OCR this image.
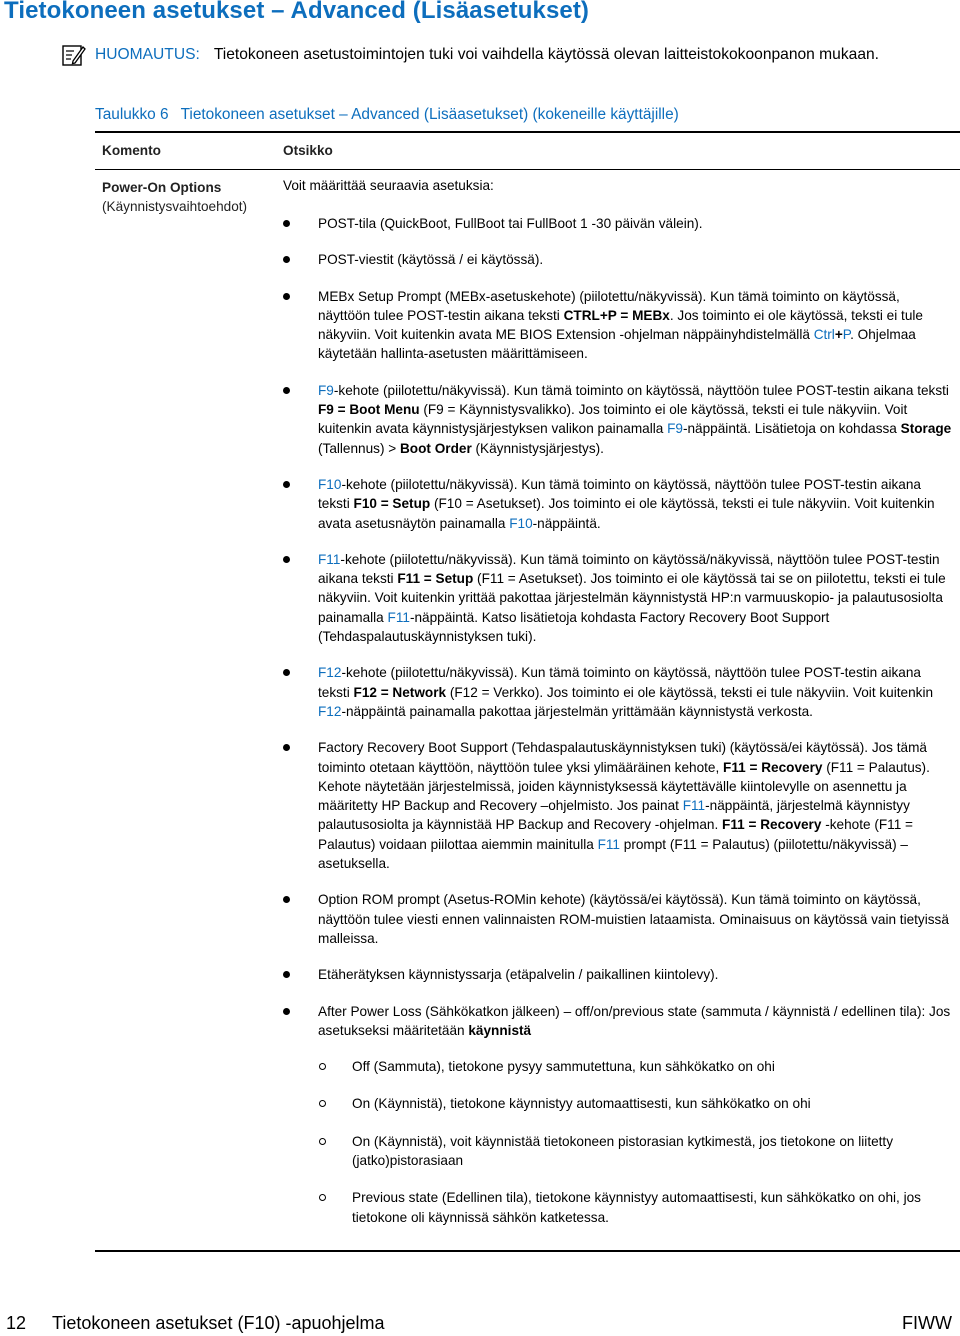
Tietokoneen asetukset – Advanced (Lisäasetukset)
HUOMAUTUS: Tietokoneen asetustoimintojen tuki voi vaihdella käytössä olevan laitteistokokoonpanon mukaan.
Taulukko 6 Tietokoneen asetukset – Advanced (Lisäasetukset) (kokeneille käyttäjille)
Komento	Otsikko
Power-On Options
(Käynnistysvaihtoehdot)
Voit määrittää seuraavia asetuksia:
POST-tila (QuickBoot, FullBoot tai FullBoot 1 -30 päivän välein).
POST-viestit (käytössä / ei käytössä).
MEBx Setup Prompt (MEBx-asetuskehote) (piilotettu/näkyvissä). Kun tämä toiminto on käytössä, näyttöön tulee POST-testin aikana teksti CTRL+P = MEBx. Jos toiminto ei ole käytössä, teksti ei tule näkyviin. Voit kuitenkin avata ME BIOS Extension -ohjelman näppäinyhdistelmällä Ctrl+P. Ohjelmaa käytetään hallinta-asetusten määrittämiseen.
F9-kehote (piilotettu/näkyvissä). Kun tämä toiminto on käytössä, näyttöön tulee POST-testin aikana teksti F9 = Boot Menu (F9 = Käynnistysvalikko). Jos toiminto ei ole käytössä, teksti ei tule näkyviin. Voit kuitenkin avata käynnistysjärjestyksen valikon painamalla F9-näppäintä. Lisätietoja on kohdassa Storage (Tallennus) > Boot Order (Käynnistysjärjestys).
F10-kehote (piilotettu/näkyvissä). Kun tämä toiminto on käytössä, näyttöön tulee POST-testin aikana teksti F10 = Setup (F10 = Asetukset). Jos toiminto ei ole käytössä, teksti ei tule näkyviin. Voit kuitenkin avata asetusnäytön painamalla F10-näppäintä.
F11-kehote (piilotettu/näkyvissä). Kun tämä toiminto on käytössä/näkyvissä, näyttöön tulee POST-testin aikana teksti F11 = Setup (F11 = Asetukset). Jos toiminto ei ole käytössä tai se on piilotettu, teksti ei tule näkyviin. Voit kuitenkin yrittää pakottaa järjestelmän käynnistystä HP:n varmuuskopio- ja palautusosiolta painamalla F11-näppäintä. Katso lisätietoja kohdasta Factory Recovery Boot Support (Tehdaspalautuskäynnistyksen tuki).
F12-kehote (piilotettu/näkyvissä). Kun tämä toiminto on käytössä, näyttöön tulee POST-testin aikana teksti F12 = Network (F12 = Verkko). Jos toiminto ei ole käytössä, teksti ei tule näkyviin. Voit kuitenkin F12-näppäintä painamalla pakottaa järjestelmän yrittämään käynnistystä verkosta.
Factory Recovery Boot Support (Tehdaspalautuskäynnistyksen tuki) (käytössä/ei käytössä). Jos tämä toiminto otetaan käyttöön, näyttöön tulee yksi ylimääräinen kehote, F11 = Recovery (F11 = Palautus). Kehote näytetään järjestelmissä, joiden käynnistyksessä käytettävälle kiintolevylle on asennettu ja määritetty HP Backup and Recovery –ohjelmisto. Jos painat F11-näppäintä, järjestelmä käynnistyy palautusosiolta ja käynnistää HP Backup and Recovery -ohjelman. F11 = Recovery -kehote (F11 = Palautus) voidaan piilottaa aiemmin mainitulla F11 prompt (F11 = Palautus) (piilotettu/näkyvissä) –asetuksella.
Option ROM prompt (Asetus-ROMin kehote) (käytössä/ei käytössä). Kun tämä toiminto on käytössä, näyttöön tulee viesti ennen valinnaisten ROM-muistien lataamista. Ominaisuus on käytössä vain tietyissä malleissa.
Etäherätyksen käynnistyssarja (etäpalvelin / paikallinen kiintolevy).
After Power Loss (Sähkökatkon jälkeen) – off/on/previous state (sammuta / käynnistä / edellinen tila): Jos asetukseksi määritetään käynnistä
Off (Sammuta), tietokone pysyy sammutettuna, kun sähkökatko on ohi
On (Käynnistä), tietokone käynnistyy automaattisesti, kun sähkökatko on ohi
On (Käynnistä), voit käynnistää tietokoneen pistorasian kytkimestä, jos tietokone on liitetty (jatko)pistorasiaan
Previous state (Edellinen tila), tietokone käynnistyy automaattisesti, kun sähkökatko on ohi, jos tietokone oli käynnissä sähkön katketessa.
12 Tietokoneen asetukset (F10) -apuohjelma	FIWW
